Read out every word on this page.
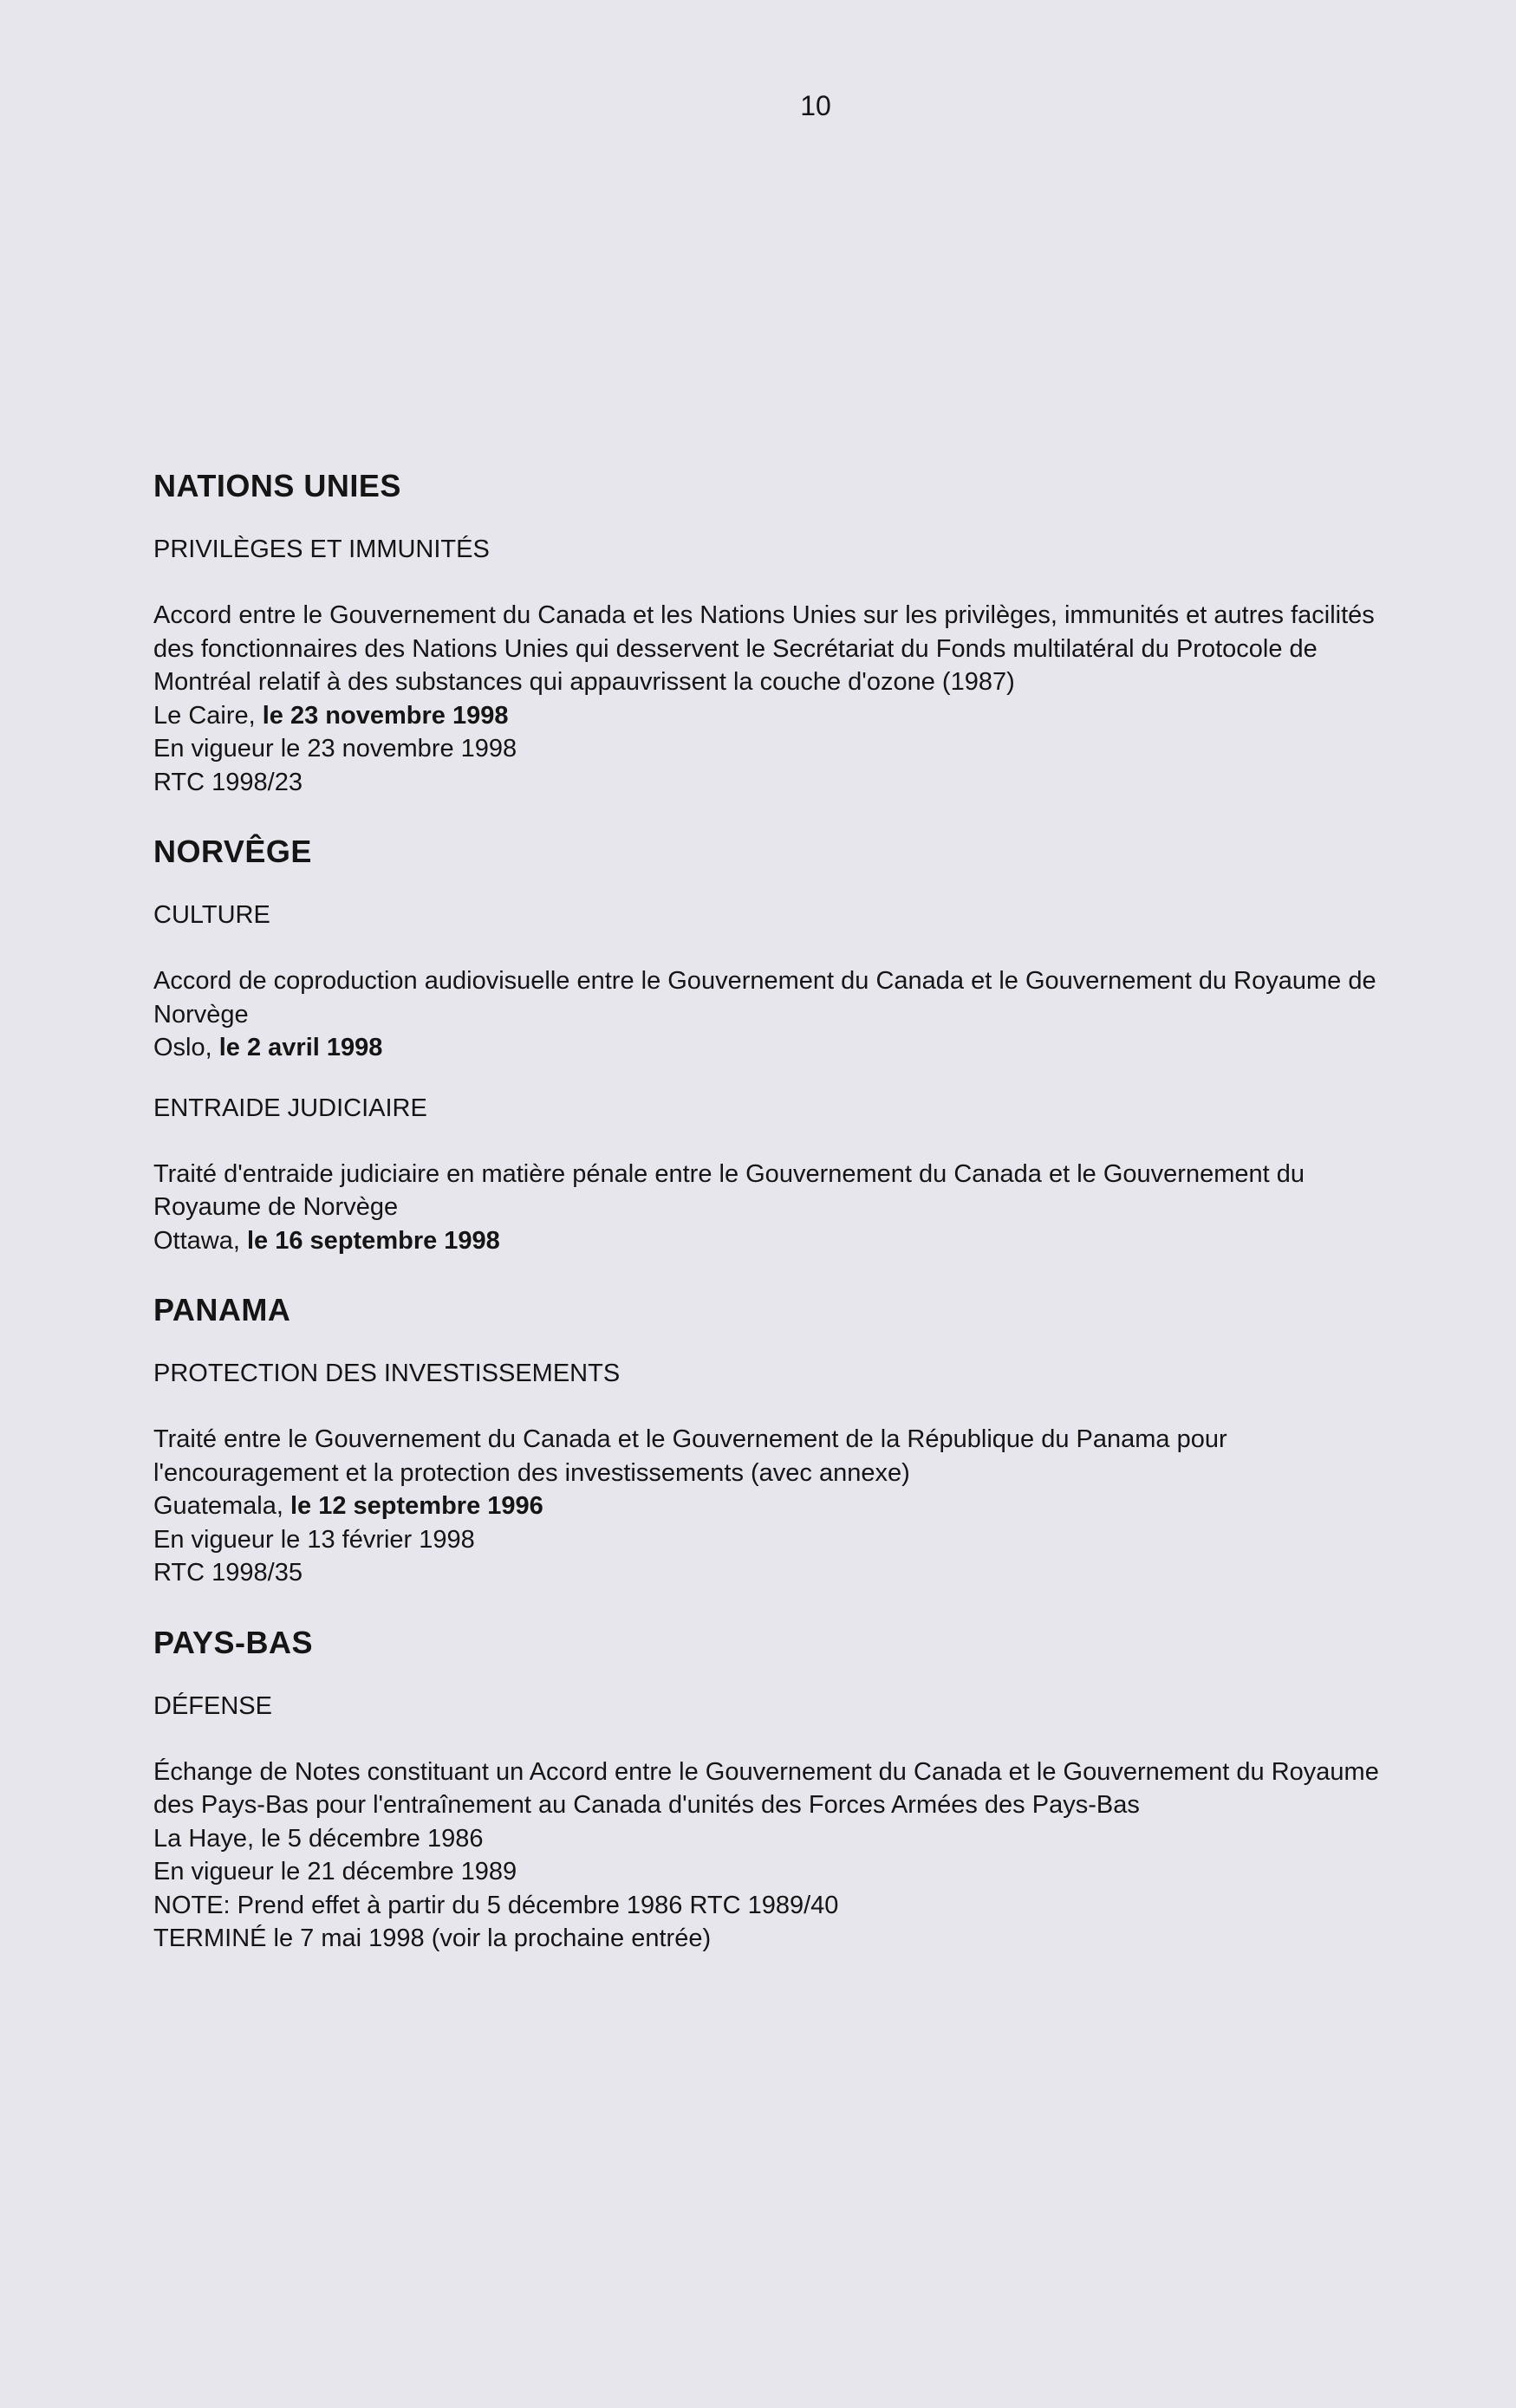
10
NATIONS UNIES
PRIVILÈGES ET IMMUNITÉS
Accord entre le Gouvernement du Canada et les Nations Unies sur les privilèges, immunités et autres facilités des fonctionnaires des Nations Unies qui desservent le Secrétariat du Fonds multilatéral du Protocole de Montréal relatif à des substances qui appauvrissent la couche d'ozone (1987)
Le Caire, le 23 novembre 1998
En vigueur le 23 novembre 1998
RTC 1998/23
NORVÊGE
CULTURE
Accord de coproduction audiovisuelle entre le Gouvernement du Canada et le Gouvernement du Royaume de Norvège
Oslo, le 2 avril 1998
ENTRAIDE JUDICIAIRE
Traité d'entraide judiciaire en matière pénale entre le Gouvernement du Canada et le Gouvernement du Royaume de Norvège
Ottawa, le 16 septembre 1998
PANAMA
PROTECTION DES INVESTISSEMENTS
Traité entre le Gouvernement du Canada et le Gouvernement de la République du Panama pour l'encouragement et la protection des investissements (avec annexe)
Guatemala, le 12 septembre 1996
En vigueur le 13 février 1998
RTC 1998/35
PAYS-BAS
DÉFENSE
Échange de Notes constituant un Accord entre le Gouvernement du Canada et le Gouvernement du Royaume des Pays-Bas pour l'entraînement au Canada d'unités des Forces Armées des Pays-Bas
La Haye, le 5 décembre 1986
En vigueur le 21 décembre 1989
NOTE: Prend effet à partir du 5 décembre 1986 RTC 1989/40
TERMINÉ le 7 mai 1998 (voir la prochaine entrée)
